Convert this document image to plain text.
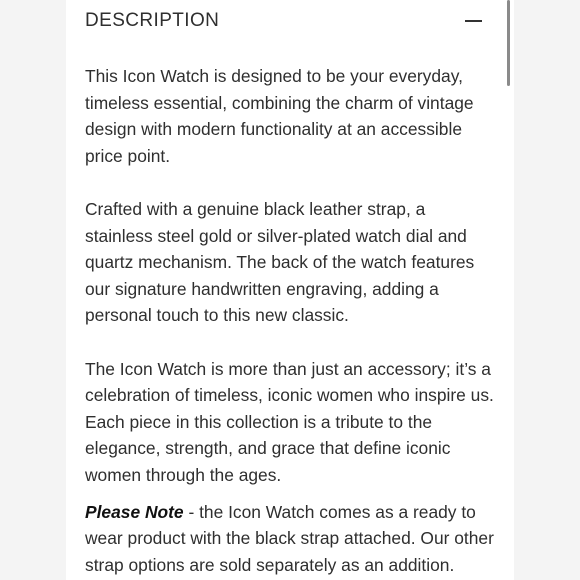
DESCRIPTION

This Icon Watch is designed to be your everyday, timeless essential, combining the charm of vintage design with modern functionality at an accessible price point.

Crafted with a genuine black leather strap, a stainless steel gold or silver-plated watch dial and quartz mechanism. The back of the watch features our signature handwritten engraving, adding a personal touch to this new classic.

The Icon Watch is more than just an accessory; it’s a celebration of timeless, iconic women who inspire us. Each piece in this collection is a tribute to the elegance, strength, and grace that define iconic women through the ages.

Please Note - the Icon Watch comes as a ready to wear product with the black strap attached. Our other strap options are sold separately as an addition.
